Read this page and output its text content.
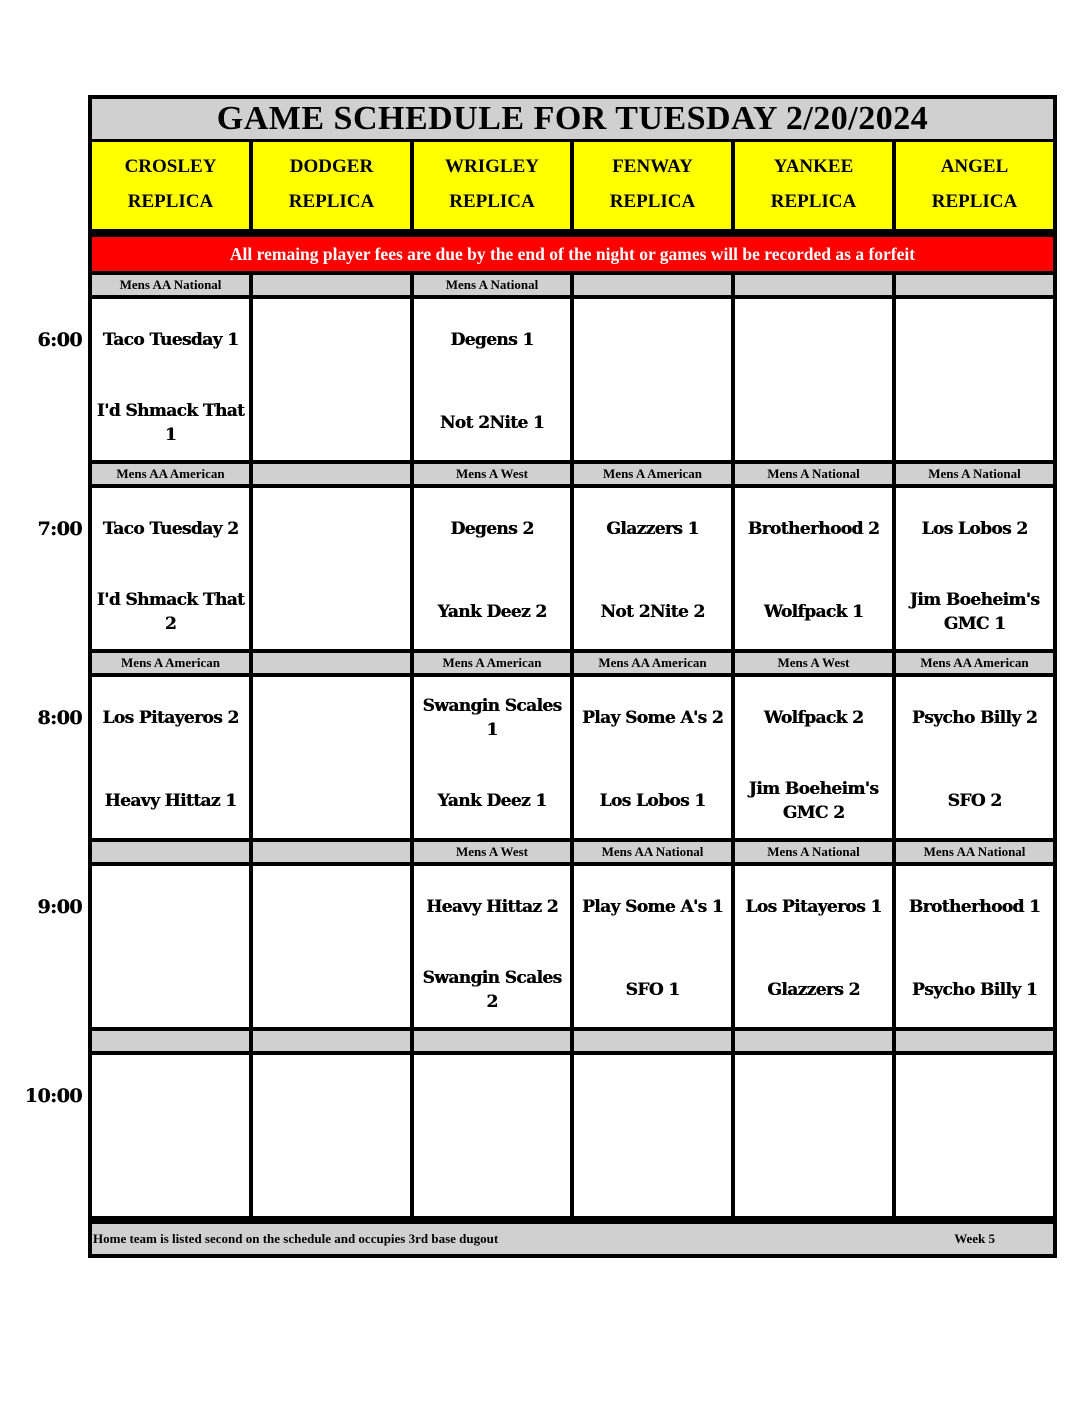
GAME SCHEDULE FOR TUESDAY 2/20/2024
CROSLEY
REPLICA
DODGER
REPLICA
WRIGLEY
REPLICA
FENWAY
REPLICA
YANKEE
REPLICA
ANGEL
REPLICA
All remaing player fees are due by the end of the night or games will be recorded as a forfeit
Mens AA National
Taco Tuesday 1
I'd Shmack That 1
Mens A National
Degens 1
Not 2Nite 1
Mens AA American
Taco Tuesday 2
I'd Shmack That 2
Mens A West
Degens 2
Yank Deez 2
Mens A American
Glazzers 1
Not 2Nite 2
Mens A National
Brotherhood 2
Wolfpack 1
Mens A National
Los Lobos 2
Jim Boeheim's GMC 1
Mens A American
Los Pitayeros 2
Heavy Hittaz 1
Mens A American
Swangin Scales 1
Yank Deez 1
Mens AA American
Play Some A's 2
Los Lobos 1
Mens A West
Wolfpack 2
Jim Boeheim's GMC 2
Mens AA American
Psycho Billy 2
SFO 2
Mens A West
Heavy Hittaz 2
Swangin Scales 2
Mens AA National
Play Some A's 1
SFO 1
Mens A National
Los Pitayeros 1
Glazzers 2
Mens AA National
Brotherhood 1
Psycho Billy 1
Home team is listed second on the schedule and occupies 3rd base dugout	Week 5
6:00
7:00
8:00
9:00
10:00
